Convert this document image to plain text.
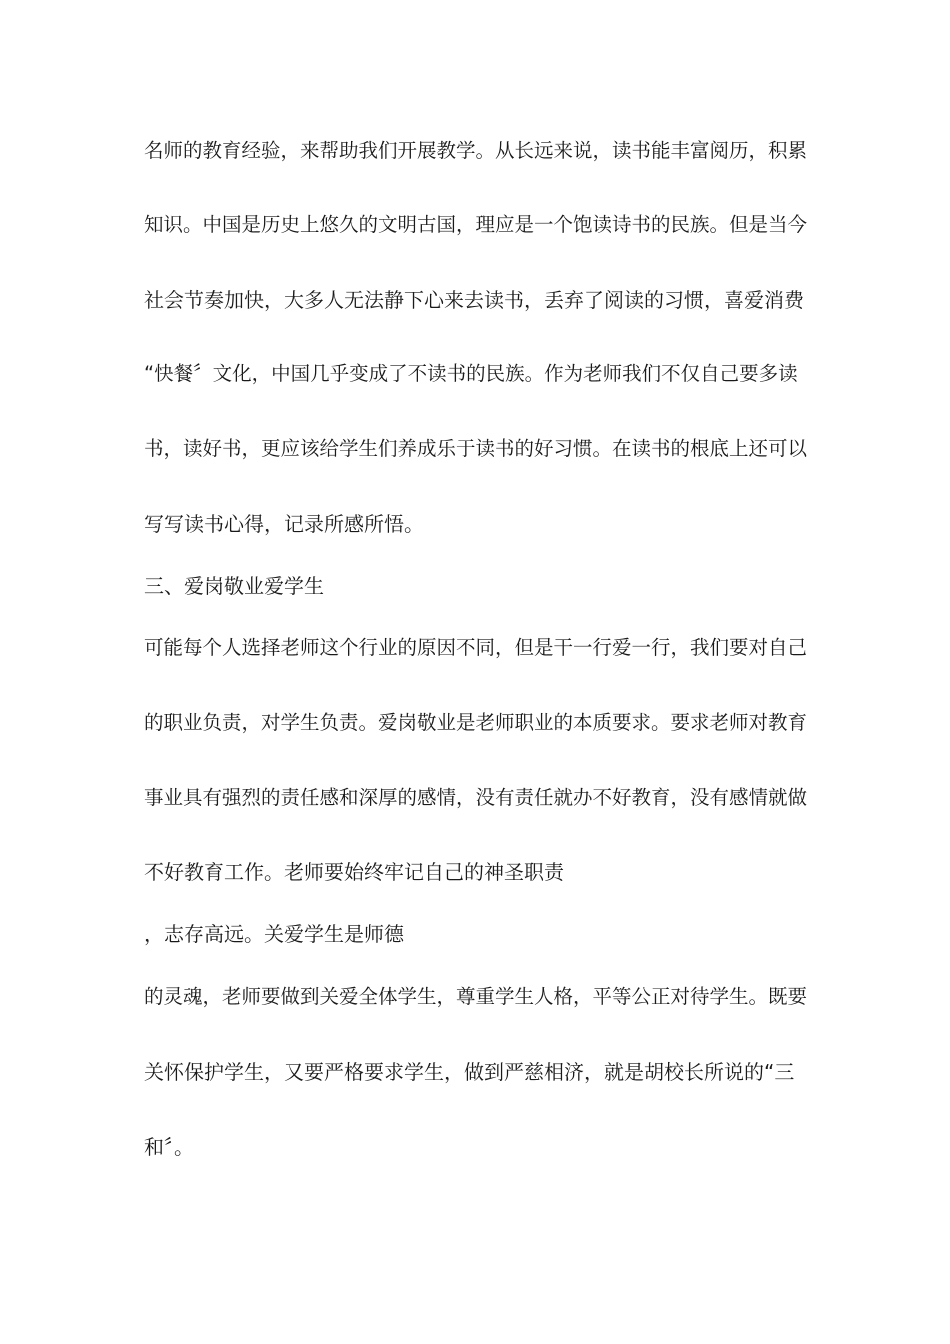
名师的教育经验，来帮助我们开展教学。从长远来说，读书能丰富阅历，积累

知识。中国是历史上悠久的文明古国，理应是一个饱读诗书的民族。但是当今

社会节奏加快，大多人无法静下心来去读书，丢弃了阅读的习惯，喜爱消费

“快餐〞文化，中国几乎变成了不读书的民族。作为老师我们不仅自己要多读

书，读好书，更应该给学生们养成乐于读书的好习惯。在读书的根底上还可以

写写读书心得，记录所感所悟。

三、爱岗敬业爱学生

可能每个人选择老师这个行业的原因不同，但是干一行爱一行，我们要对自己

的职业负责，对学生负责。爱岗敬业是老师职业的本质要求。要求老师对教育

事业具有强烈的责任感和深厚的感情，没有责任就办不好教育，没有感情就做

不好教育工作。老师要始终牢记自己的神圣职责

，志存高远。关爱学生是师德

的灵魂，老师要做到关爱全体学生，尊重学生人格，平等公正对待学生。既要

关怀保护学生，又要严格要求学生，做到严慈相济，就是胡校长所说的“三

和〞。
